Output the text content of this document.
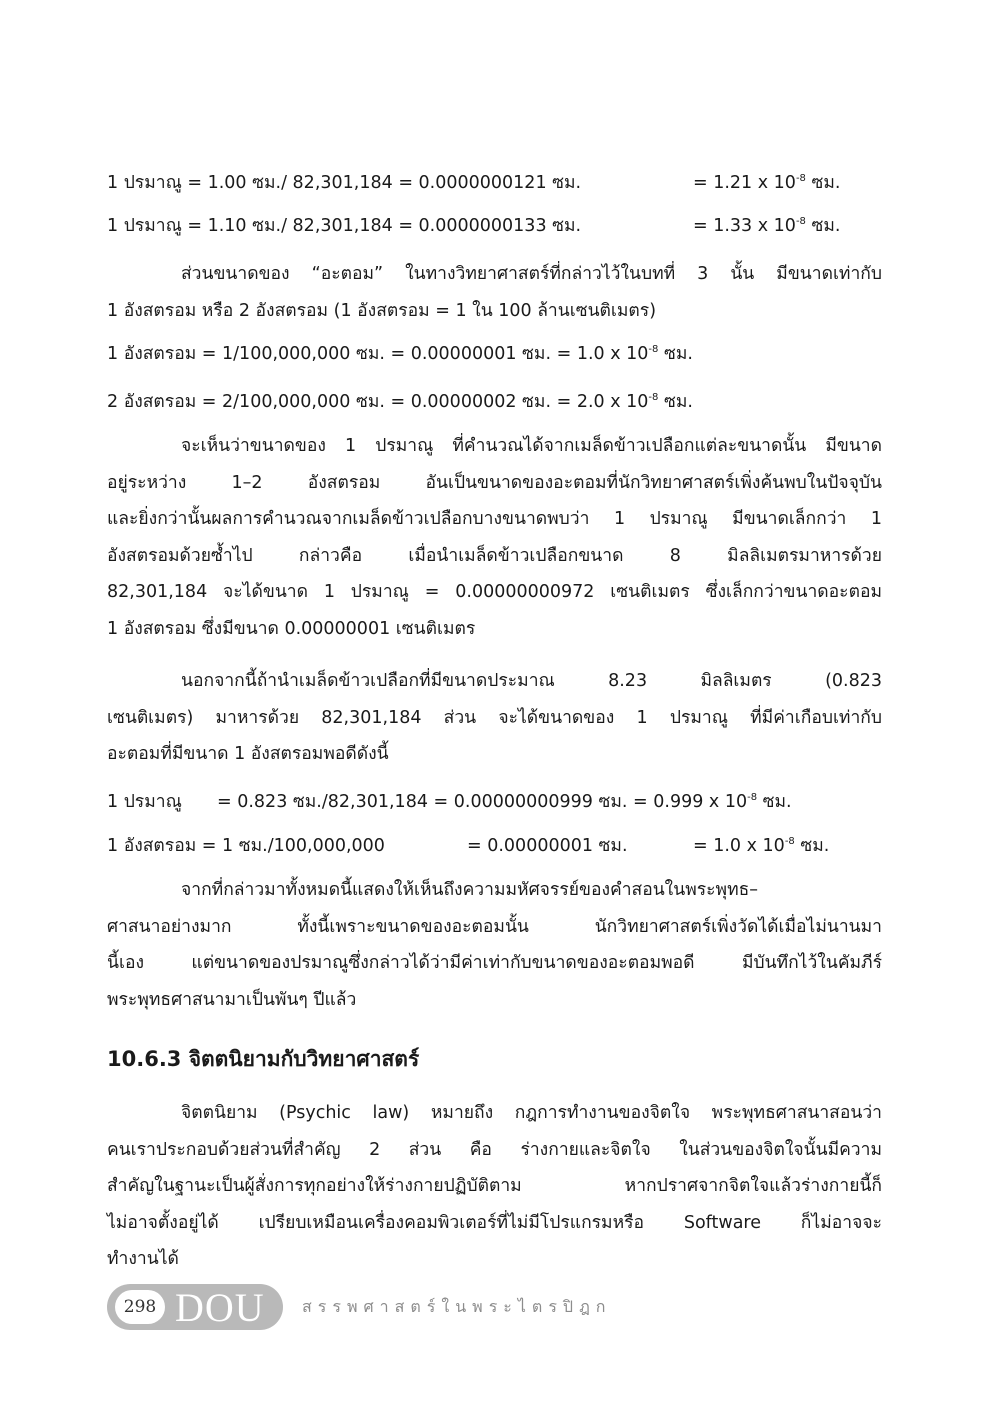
1 ปรมาณู = 1.00 ซม./ 82,301,184 = 0.0000000121 ซม.	= 1.21 x $10^{-8}$ ซม.
1 ปรมาณู = 1.10 ซม./ 82,301,184 = 0.0000000133 ซม.	= 1.33 x $10^{-8}$ ซม.
ส่วนขนาดของ “อะตอม” ในทางวิทยาศาสตร์ที่กล่าวไว้ในบทที่ 3 นั้น มีขนาดเท่ากับ
1 อังสตรอม หรือ 2 อังสตรอม (1 อังสตรอม = 1 ใน 100 ล้านเซนติเมตร)
1 อังสตรอม = 1/100,000,000 ซม. = 0.00000001 ซม. = 1.0 x $10^{-8}$ ซม.
2 อังสตรอม = 2/100,000,000 ซม. = 0.00000002 ซม. = 2.0 x $10^{-8}$ ซม.
จะเห็นว่าขนาดของ 1 ปรมาณู ที่คำนวณได้จากเมล็ดข้าวเปลือกแต่ละขนาดนั้น มีขนาด
อยู่ระหว่าง 1–2 อังสตรอม อันเป็นขนาดของอะตอมที่นักวิทยาศาสตร์เพิ่งค้นพบในปัจจุบัน
และยิ่งกว่านั้นผลการคำนวณจากเมล็ดข้าวเปลือกบางขนาดพบว่า 1 ปรมาณู มีขนาดเล็กกว่า 1
อังสตรอมด้วยซ้ำไป กล่าวคือ เมื่อนำเมล็ดข้าวเปลือกขนาด 8 มิลลิเมตรมาหารด้วย
82,301,184 จะได้ขนาด 1 ปรมาณู = 0.00000000972 เซนติเมตร ซึ่งเล็กกว่าขนาดอะตอม
1 อังสตรอม ซึ่งมีขนาด 0.00000001 เซนติเมตร
นอกจากนี้ถ้านำเมล็ดข้าวเปลือกที่มีขนาดประมาณ 8.23 มิลลิเมตร (0.823
เซนติเมตร) มาหารด้วย 82,301,184 ส่วน จะได้ขนาดของ 1 ปรมาณู ที่มีค่าเกือบเท่ากับ
อะตอมที่มีขนาด 1 อังสตรอมพอดีดังนี้
1 ปรมาณู = 0.823 ซม./82,301,184 = 0.00000000999 ซม. = 0.999 x $10^{-8}$ ซม.
1 อังสตรอม = 1 ซม./100,000,000	= 0.00000001 ซม.	= 1.0 x $10^{-8}$ ซม.
จากที่กล่าวมาทั้งหมดนี้แสดงให้เห็นถึงความมหัศจรรย์ของคำสอนในพระพุทธ–
ศาสนาอย่างมาก ทั้งนี้เพราะขนาดของอะตอมนั้น นักวิทยาศาสตร์เพิ่งวัดได้เมื่อไม่นานมา
นี้เอง แต่ขนาดของปรมาณูซึ่งกล่าวได้ว่ามีค่าเท่ากับขนาดของอะตอมพอดี มีบันทึกไว้ในคัมภีร์
พระพุทธศาสนามาเป็นพันๆ ปีแล้ว
10.6.3 จิตตนิยามกับวิทยาศาสตร์
จิตตนิยาม (Psychic law) หมายถึง กฎการทำงานของจิตใจ พระพุทธศาสนาสอนว่า
คนเราประกอบด้วยส่วนที่สำคัญ 2 ส่วน คือ ร่างกายและจิตใจ ในส่วนของจิตใจนั้นมีความ
สำคัญในฐานะเป็นผู้สั่งการทุกอย่างให้ร่างกายปฏิบัติตาม หากปราศจากจิตใจแล้วร่างกายนี้ก็
ไม่อาจตั้งอยู่ได้ เปรียบเหมือนเครื่องคอมพิวเตอร์ที่ไม่มีโปรแกรมหรือ Software ก็ไม่อาจจะ
ทำงานได้
298 DOU สรรพศาสตร์ในพระไตรปิฎก
